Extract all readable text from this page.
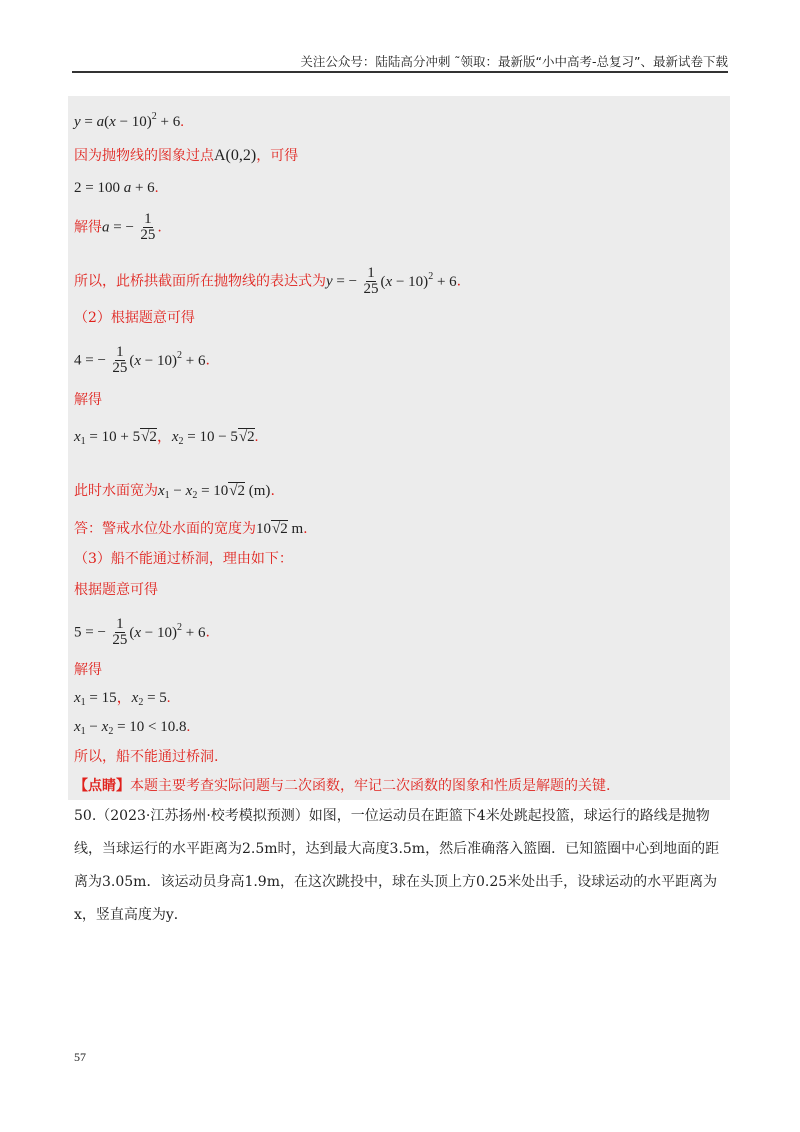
关注公众号：陆陆高分冲刺 ˜领取：最新版“小中高考-总复习”、最新试卷下载
$y = a(x - 10)^2 + 6$.
因为抛物线的图象过点A(0,2)，可得
2 = 100 a + 6.
解得a = − $\frac{1}{25}$ .
所以，此桥拱截面所在抛物线的表达式为y = − $\frac{1}{25} (x - 10)^2 + 6$.
（2）根据题意可得
4 = − $\frac{1}{25} (x - 10)^2 + 6$.
解得
$x_1 = 10 + 5√2$，$x_2 = 10 - 5√2$.
此时水面宽为$x_1 - x_2 = 10√2$ (m).
答：警戒水位处水面的宽度为10√2 m.
（3）船不能通过桥洞，理由如下：
根据题意可得
5 = − $\frac{1}{25} (x - 10)^2 + 6$.
解得
$x_1 = 15$，$x_2 = 5$.
$x_1 - x_2 = 10 < 10.8$.
所以，船不能通过桥洞.
【点睛】本题主要考查实际问题与二次函数，牢记二次函数的图象和性质是解题的关键.
50.（2023·江苏扬州·校考模拟预测）如图，一位运动员在距篮下4米处跳起投篮，球运行的路线是抛物线，当球运行的水平距离为2.5m时，达到最大高度3.5m，然后准确落入篮圈．已知篮圈中心到地面的距离为3.05m．该运动员身高1.9m，在这次跳投中，球在头顶上方0.25米处出手，设球运动的水平距离为x，竖直高度为y．
57
